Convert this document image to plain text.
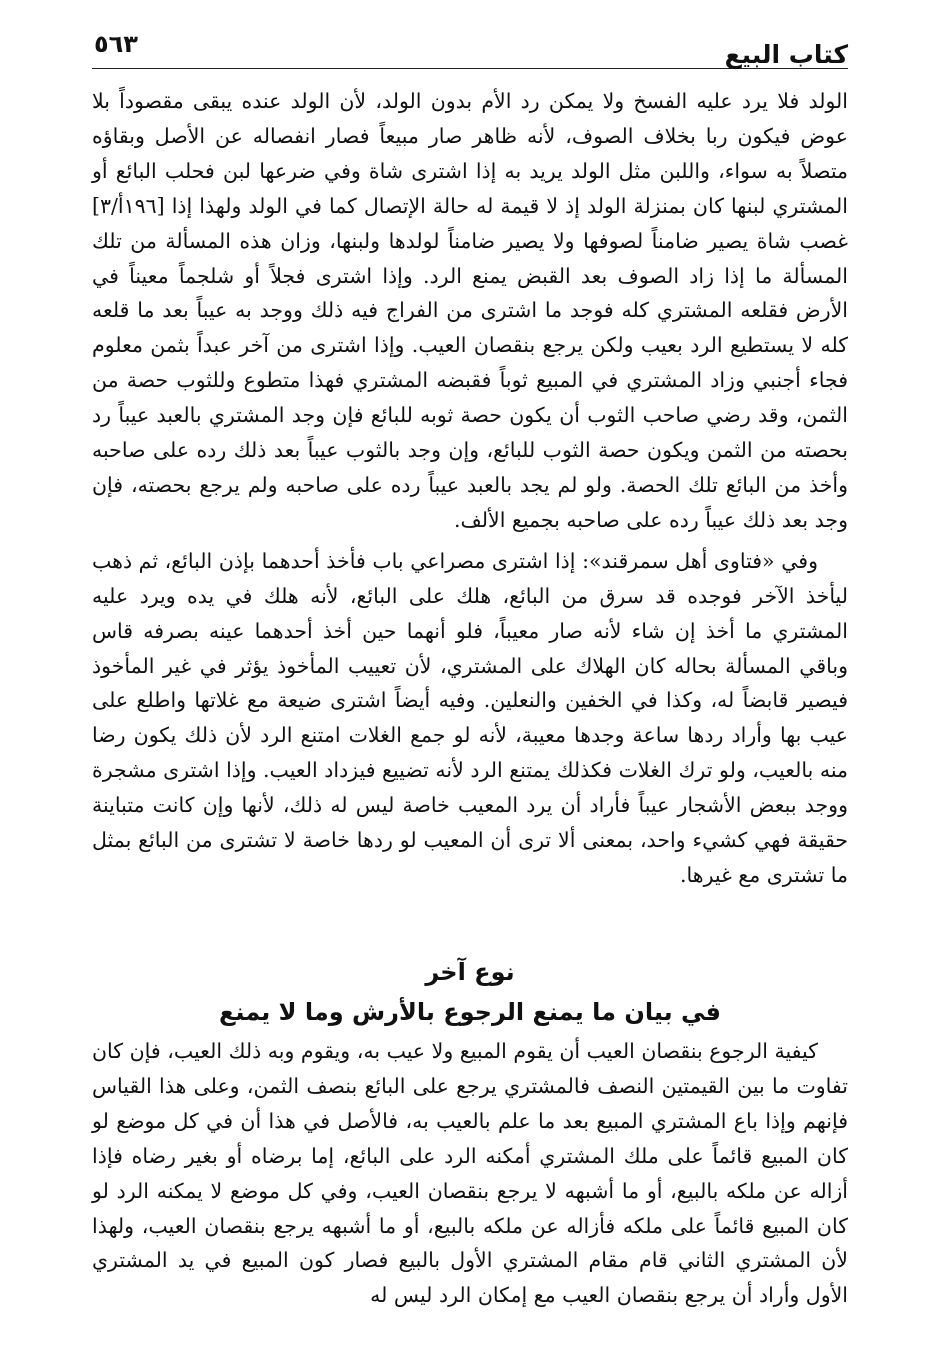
كتاب البيع
٥٦٣

الولد فلا يرد عليه الفسخ ولا يمكن رد الأم بدون الولد، لأن الولد عنده يبقى مقصوداً بلا عوض فيكون ربا بخلاف الصوف، لأنه ظاهر صار مبيعاً فصار انفصاله عن الأصل وبقاؤه متصلاً به سواء، واللبن مثل الولد يريد به إذا اشترى شاة وفي ضرعها لبن فحلب البائع أو المشتري لبنها كان بمنزلة الولد إذ لا قيمة له حالة الإتصال كما في الولد ولهذا إذا [١٩٦أ/٣] غصب شاة يصير ضامناً لصوفها ولا يصير ضامناً لولدها ولبنها، وزان هذه المسألة من تلك المسألة ما إذا زاد الصوف بعد القبض يمنع الرد. وإذا اشترى فجلاً أو شلجماً معيناً في الأرض فقلعه المشتري كله فوجد ما اشترى من الفراج فيه ذلك ووجد به عيباً بعد ما قلعه كله لا يستطيع الرد بعيب ولكن يرجع بنقصان العيب. وإذا اشترى من آخر عبداً بثمن معلوم فجاء أجنبي وزاد المشتري في المبيع ثوباً فقبضه المشتري فهذا متطوع وللثوب حصة من الثمن، وقد رضي صاحب الثوب أن يكون حصة ثوبه للبائع فإن وجد المشتري بالعبد عيباً رد بحصته من الثمن ويكون حصة الثوب للبائع، وإن وجد بالثوب عيباً بعد ذلك رده على صاحبه وأخذ من البائع تلك الحصة. ولو لم يجد بالعبد عيباً رده على صاحبه ولم يرجع بحصته، فإن وجد بعد ذلك عيباً رده على صاحبه بجميع الألف.

وفي «فتاوى أهل سمرقند»: إذا اشترى مصراعي باب فأخذ أحدهما بإذن البائع، ثم ذهب ليأخذ الآخر فوجده قد سرق من البائع، هلك على البائع، لأنه هلك في يده ويرد عليه المشتري ما أخذ إن شاء لأنه صار معيباً، فلو أنهما حين أخذ أحدهما عينه بصرفه قاس وباقي المسألة بحاله كان الهلاك على المشتري، لأن تعييب المأخوذ يؤثر في غير المأخوذ فيصير قابضاً له، وكذا في الخفين والنعلين. وفيه أيضاً اشترى ضيعة مع غلاتها واطلع على عيب بها وأراد ردها ساعة وجدها معيبة، لأنه لو جمع الغلات امتنع الرد لأن ذلك يكون رضا منه بالعيب، ولو ترك الغلات فكذلك يمتنع الرد لأنه تضييع فيزداد العيب. وإذا اشترى مشجرة ووجد ببعض الأشجار عيباً فأراد أن يرد المعيب خاصة ليس له ذلك، لأنها وإن كانت متباينة حقيقة فهي كشيء واحد، بمعنى ألا ترى أن المعيب لو ردها خاصة لا تشترى من البائع بمثل ما تشترى مع غيرها.

نوع آخر
في بيان ما يمنع الرجوع بالأرش وما لا يمنع

كيفية الرجوع بنقصان العيب أن يقوم المبيع ولا عيب به، ويقوم وبه ذلك العيب، فإن كان تفاوت ما بين القيمتين النصف فالمشتري يرجع على البائع بنصف الثمن، وعلى هذا القياس فإنهم وإذا باع المشتري المبيع بعد ما علم بالعيب به، فالأصل في هذا أن في كل موضع لو كان المبيع قائماً على ملك المشتري أمكنه الرد على البائع، إما برضاه أو بغير رضاه فإذا أزاله عن ملكه بالبيع، أو ما أشبهه لا يرجع بنقصان العيب، وفي كل موضع لا يمكنه الرد لو كان المبيع قائماً على ملكه فأزاله عن ملكه بالبيع، أو ما أشبهه يرجع بنقصان العيب، ولهذا لأن المشتري الثاني قام مقام المشتري الأول بالبيع فصار كون المبيع في يد المشتري الأول وأراد أن يرجع بنقصان العيب مع إمكان الرد ليس له
